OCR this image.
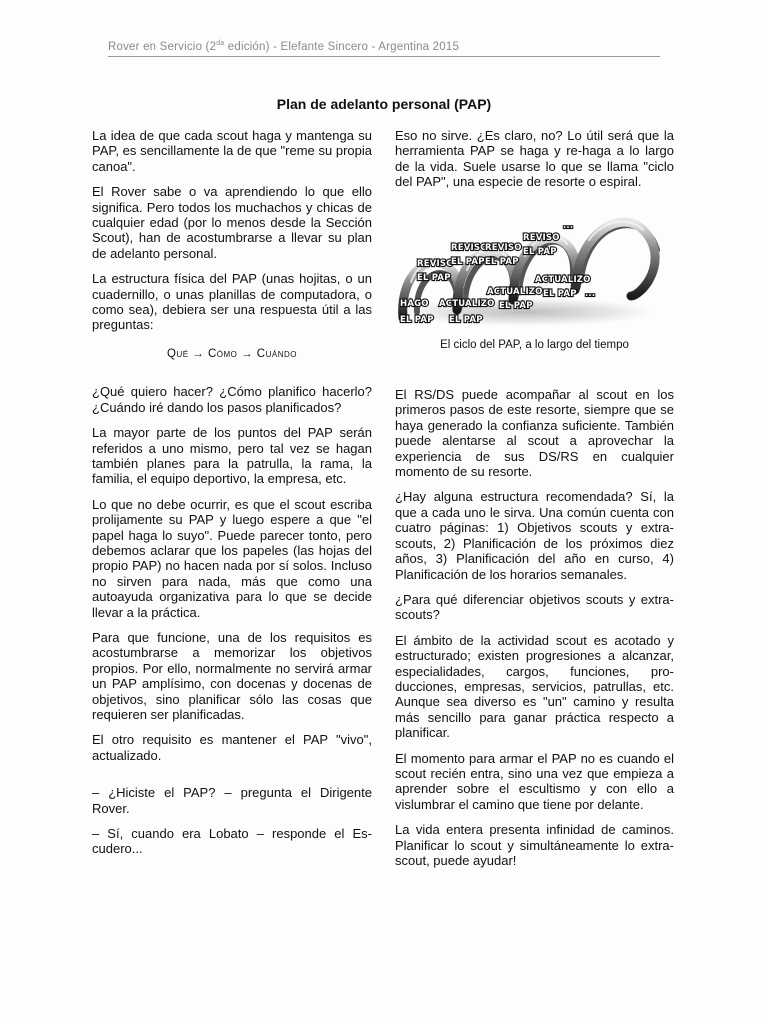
Rover en Servicio ($2^{da}$ edición) - Elefante Sincero - Argentina 2015
Plan de adelanto personal (PAP)

La idea de que cada scout haga y mantenga su PAP, es sencillamente la de que "reme su propia canoa".

El Rover sabe o va aprendiendo lo que ello significa. Pero todos los muchachos y chicas de cualquier edad (por lo menos desde la Sección Scout), han de acostumbrarse a llevar su plan de adelanto personal.

La estructura física del PAP (unas hojitas, o un cuadernillo, o unas planillas de computadora, o como sea), debiera ser una respuesta útil a las preguntas:

Qué → Cómo → Cuándo

¿Qué quiero hacer? ¿Cómo planifico hacerlo? ¿Cuándo iré dando los pasos planificados?

La mayor parte de los puntos del PAP serán referidos a uno mismo, pero tal vez se hagan también planes para la patrulla, la rama, la familia, el equipo deportivo, la empresa, etc.

Lo que no debe ocurrir, es que el scout escriba prolijamente su PAP y luego espere a que "el papel haga lo suyo". Puede parecer tonto, pero debemos aclarar que los papeles (las hojas del propio PAP) no hacen nada por sí solos. Incluso no sirven para nada, más que como una autoayuda organizativa para lo que se decide llevar a la práctica.

Para que funcione, una de los requisitos es acostumbrarse a memorizar los objetivos propios. Por ello, normalmente no servirá armar un PAP amplísimo, con docenas y docenas de objetivos, sino planificar sólo las cosas que requieren ser planificadas.

El otro requisito es mantener el PAP "vivo", actualizado.

– ¿Hiciste el PAP? – pregunta el Dirigente Rover.

– Sí, cuando era Lobato – responde el Escudero...

Eso no sirve. ¿Es claro, no? Lo útil será que la herramienta PAP se haga y re-haga a lo largo de la vida. Suele usarse lo que se llama "ciclo del PAP", una especie de resorte o espiral.

HAGO
EL PAP
ACTUALIZO
EL PAP
REVISO
EL PAP
REVISO
EL PAP
REVISO
EL PAP
ACTUALIZO
EL PAP
REVISO
EL PAP
ACTUALIZO
EL PAP
...
...

El ciclo del PAP, a lo largo del tiempo

El RS/DS puede acompañar al scout en los primeros pasos de este resorte, siempre que se haya generado la confianza suficiente. También puede alentarse al scout a aprovechar la experiencia de sus DS/RS en cualquier momento de su resorte.

¿Hay alguna estructura recomendada? Sí, la que a cada uno le sirva. Una común cuenta con cuatro páginas: 1) Objetivos scouts y extra-scouts, 2) Planificación de los próximos diez años, 3) Planificación del año en curso, 4) Planificación de los horarios semanales.

¿Para qué diferenciar objetivos scouts y extra-scouts?

El ámbito de la actividad scout es acotado y estructurado; existen progresiones a alcanzar, especialidades, cargos, funciones, producciones, empresas, servicios, patrullas, etc. Aunque sea diverso es "un" camino y resulta más sencillo para ganar práctica respecto a planificar.

El momento para armar el PAP no es cuando el scout recién entra, sino una vez que empieza a aprender sobre el escultismo y con ello a vislumbrar el camino que tiene por delante.

La vida entera presenta infinidad de caminos. Planificar lo scout y simultáneamente lo extra-scout, puede ayudar!
